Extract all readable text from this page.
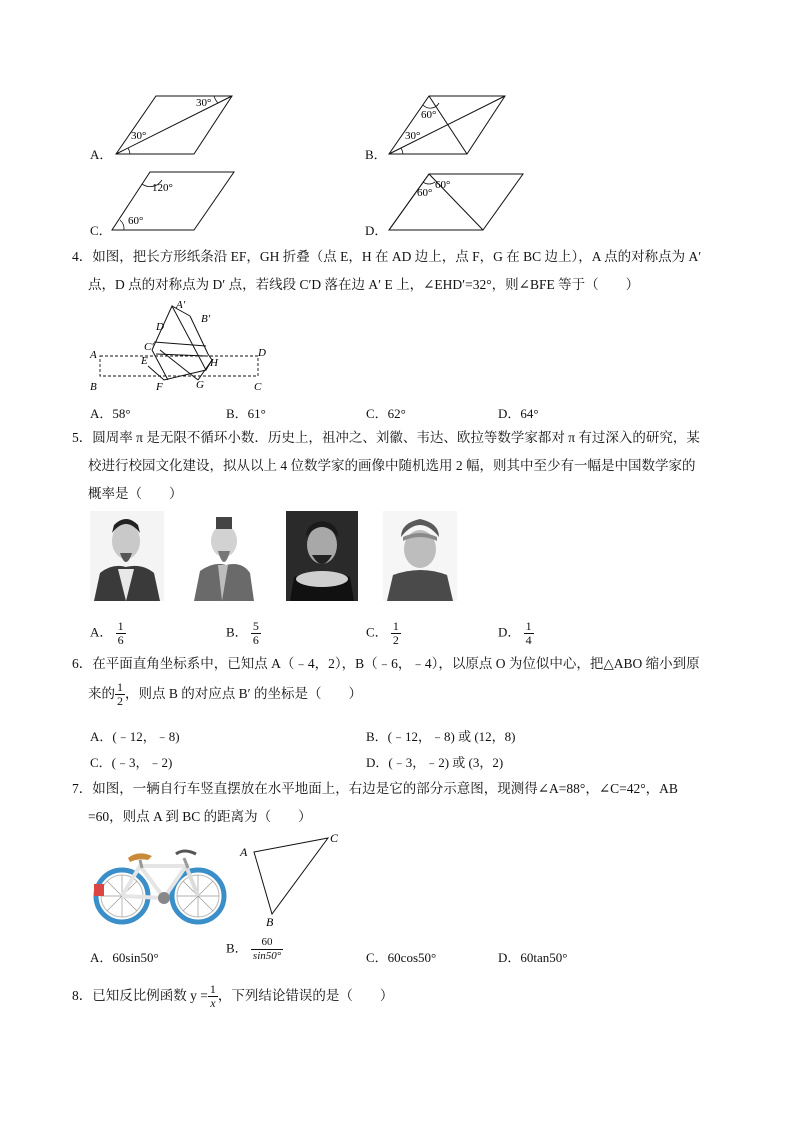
A．
30°
30°
B．
60°
30°
C．
120°
60°
D．
60°
60°
4．如图，把长方形纸条沿 EF，GH 折叠（点 E，H 在 AD 边上，点 F，G 在 BC 边上），A 点的对称点为 A′
点，D 点的对称点为 D′ 点，若线段 C′D 落在边 A′ E 上，∠EHD′=32°，则∠BFE 等于（　　）
A′
B′
D
C′
E	H
A	D
B	F	G	C
A．58°	B．61°	C．62°	D．64°
5．圆周率 π 是无限不循环小数．历史上，祖冲之、刘徽、韦达、欧拉等数学家都对 π 有过深入的研究，某
校进行校园文化建设，拟从以上 4 位数学家的画像中随机选用 2 幅，则其中至少有一幅是中国数学家的
概率是（　　）
A． $\frac{1}{6}$	B． $\frac{5}{6}$	C． $\frac{1}{2}$	D． $\frac{1}{4}$
6．在平面直角坐标系中，已知点 A（﹣4，2），B（﹣6，﹣4），以原点 O 为位似中心，把△ABO 缩小到原
来的 $\frac{1}{2}$ ，则点 B 的对应点 B′ 的坐标是（　　）
A．(﹣12，﹣8)	B．(﹣12，﹣8) 或 (12，8)
C．(﹣3，﹣2)	D．(﹣3，﹣2) 或 (3，2)
7．如图，一辆自行车竖直摆放在水平地面上，右边是它的部分示意图，现测得∠A=88°，∠C=42°，AB
=60，则点 A 到 BC 的距离为（　　）
A
C
B
A．60sin50°
B． $\frac{60}{\sin 50^\circ}$	C．60cos50°	D．60tan50°
8．已知反比例函数 $y = \frac{1}{x}$ ，下列结论错误的是（　　）
